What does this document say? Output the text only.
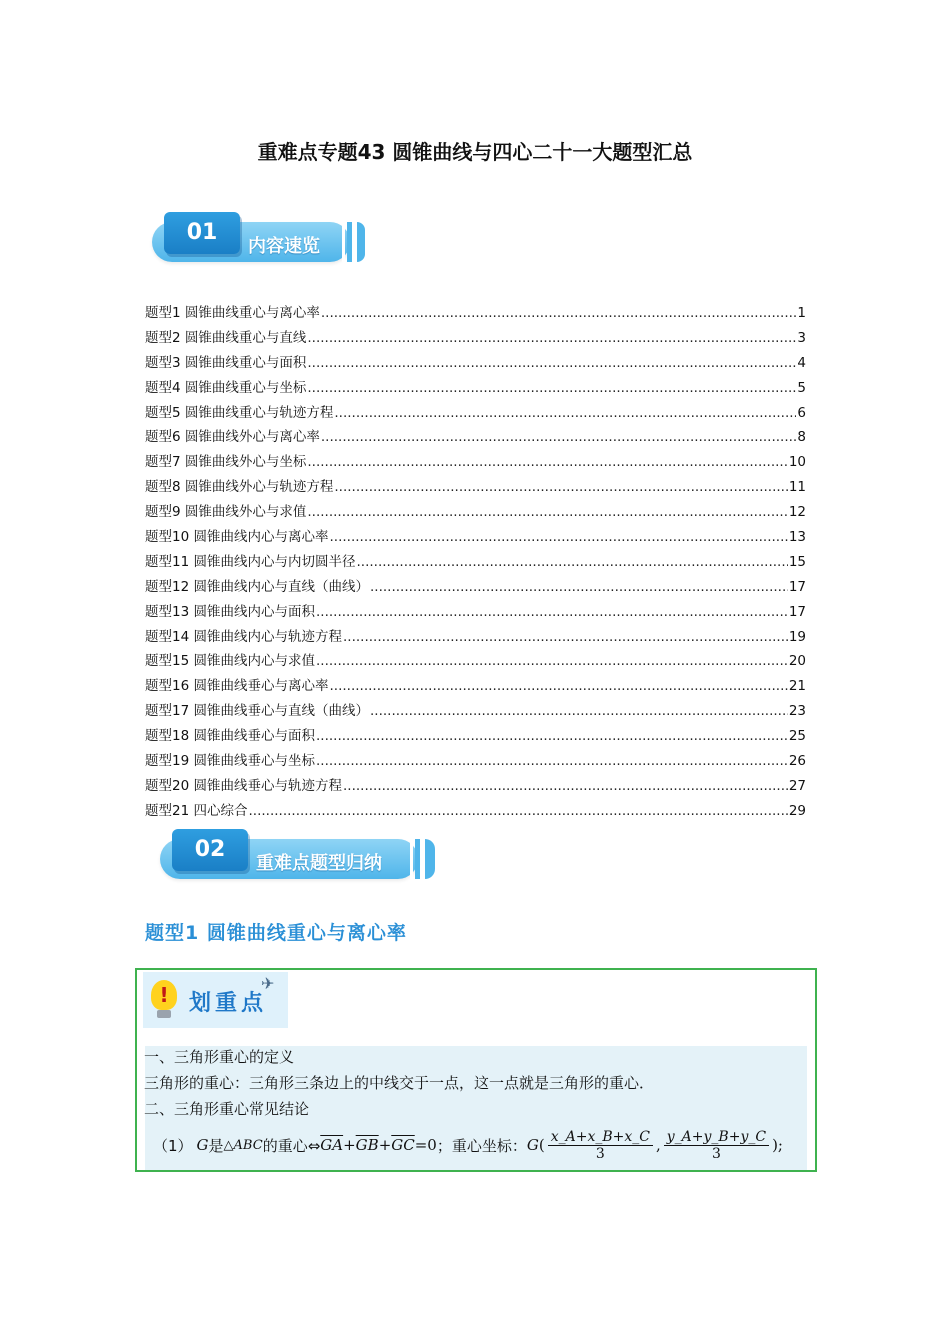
重难点专题43 圆锥曲线与四心二十一大题型汇总
01
内容速览
题型1 圆锥曲线重心与离心率 .....	1
题型2 圆锥曲线重心与直线 .....	3
题型3 圆锥曲线重心与面积 .....	4
题型4 圆锥曲线重心与坐标 .....	5
题型5 圆锥曲线重心与轨迹方程 .....	6
题型6 圆锥曲线外心与离心率 .....	8
题型7 圆锥曲线外心与坐标 .....	10
题型8 圆锥曲线外心与轨迹方程 .....	11
题型9 圆锥曲线外心与求值 .....	12
题型10 圆锥曲线内心与离心率 .....	13
题型11 圆锥曲线内心与内切圆半径 .....	15
题型12 圆锥曲线内心与直线（曲线） .....	17
题型13 圆锥曲线内心与面积 .....	17
题型14 圆锥曲线内心与轨迹方程 .....	19
题型15 圆锥曲线内心与求值 .....	20
题型16 圆锥曲线垂心与离心率 .....	21
题型17 圆锥曲线垂心与直线（曲线） .....	23
题型18 圆锥曲线垂心与面积 .....	25
题型19 圆锥曲线垂心与坐标 .....	26
题型20 圆锥曲线垂心与轨迹方程 .....	27
题型21 四心综合 .....	29
02
重难点题型归纳
题型1 圆锥曲线重心与离心率
! 划重点
✈
一、三角形重心的定义
三角形的重心：三角形三条边上的中线交于一点，这一点就是三角形的重心．
二、三角形重心常见结论
（1） G 是 △ABC 的重心⇔ $\overline{GA} + \overline{GB} + \overline{GC} =0$ ；重心坐标： G ( $\frac{x\_A+x\_B+x\_C}{3}$ , $\frac{y\_A+y\_B+y\_C}{3}$ );
